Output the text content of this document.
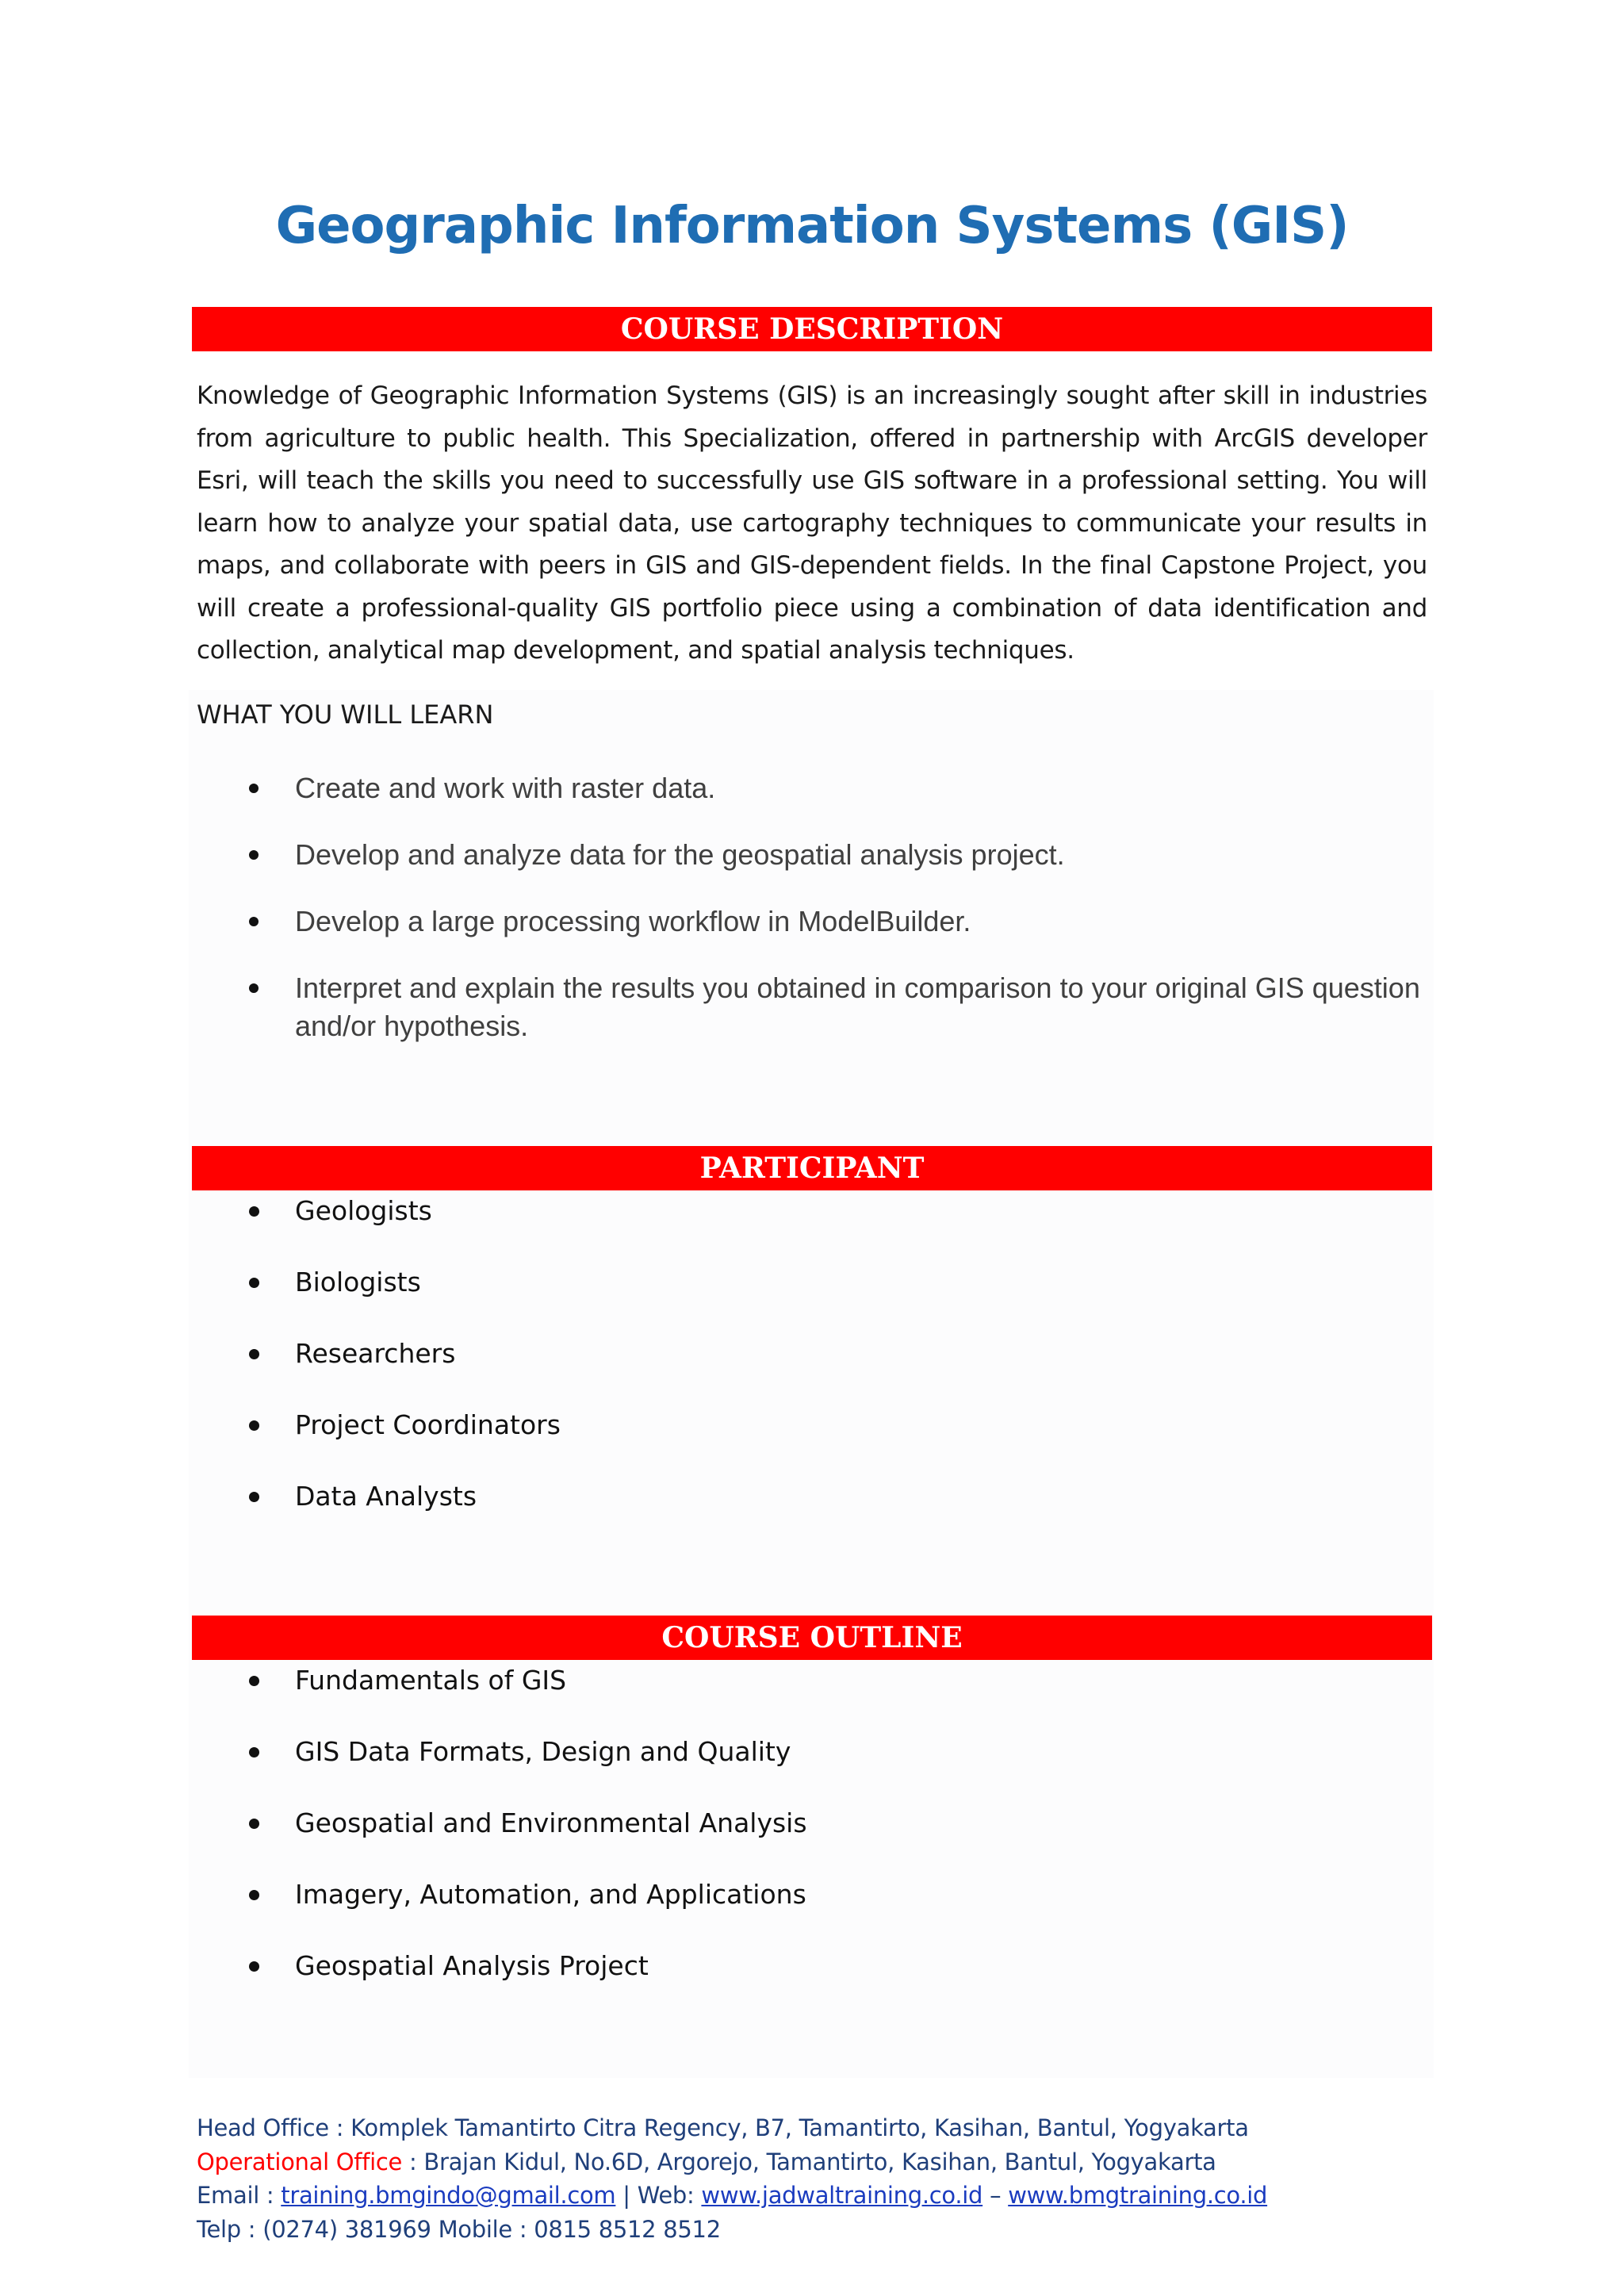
Geographic Information Systems (GIS)
COURSE DESCRIPTION

Knowledge of Geographic Information Systems (GIS) is an increasingly sought after skill in industries from agriculture to public health. This Specialization, offered in partnership with ArcGIS developer Esri, will teach the skills you need to successfully use GIS software in a professional setting. You will learn how to analyze your spatial data, use cartography techniques to communicate your results in maps, and collaborate with peers in GIS and GIS-dependent fields. In the final Capstone Project, you will create a professional-quality GIS portfolio piece using a combination of data identification and collection, analytical map development, and spatial analysis techniques.

WHAT YOU WILL LEARN

Create and work with raster data.
Develop and analyze data for the geospatial analysis project.
Develop a large processing workflow in ModelBuilder.
Interpret and explain the results you obtained in comparison to your original GIS question and/or hypothesis.
PARTICIPANT
Geologists
Biologists
Researchers
Project Coordinators
Data Analysts
COURSE OUTLINE
Fundamentals of GIS
GIS Data Formats, Design and Quality
Geospatial and Environmental Analysis
Imagery, Automation, and Applications
Geospatial Analysis Project
Head Office : Komplek Tamantirto Citra Regency, B7, Tamantirto, Kasihan, Bantul, Yogyakarta
Operational Office : Brajan Kidul, No.6D, Argorejo, Tamantirto, Kasihan, Bantul, Yogyakarta
Email : training.bmgindo@gmail.com | Web: www.jadwaltraining.co.id – www.bmgtraining.co.id
Telp : (0274) 381969 Mobile : 0815 8512 8512
